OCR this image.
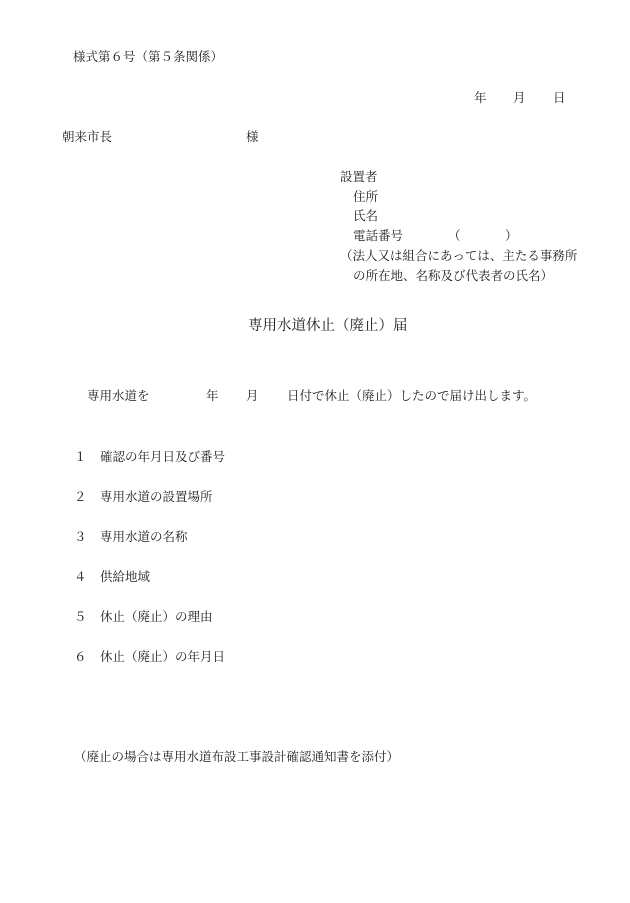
様式第６号（第５条関係）
年 月 日
朝来市長	様
設置者
住所
氏名
電話番号	（	）
（法人又は組合にあっては、主たる事務所
の所在地、名称及び代表者の氏名）
専用水道休止（廃止）届
専用水道を	年 月 日付で休止（廃止）したので届け出します。
１ 確認の年月日及び番号
２ 専用水道の設置場所
３ 専用水道の名称
４ 供給地域
５ 休止（廃止）の理由
６ 休止（廃止）の年月日
（廃止の場合は専用水道布設工事設計確認通知書を添付）
